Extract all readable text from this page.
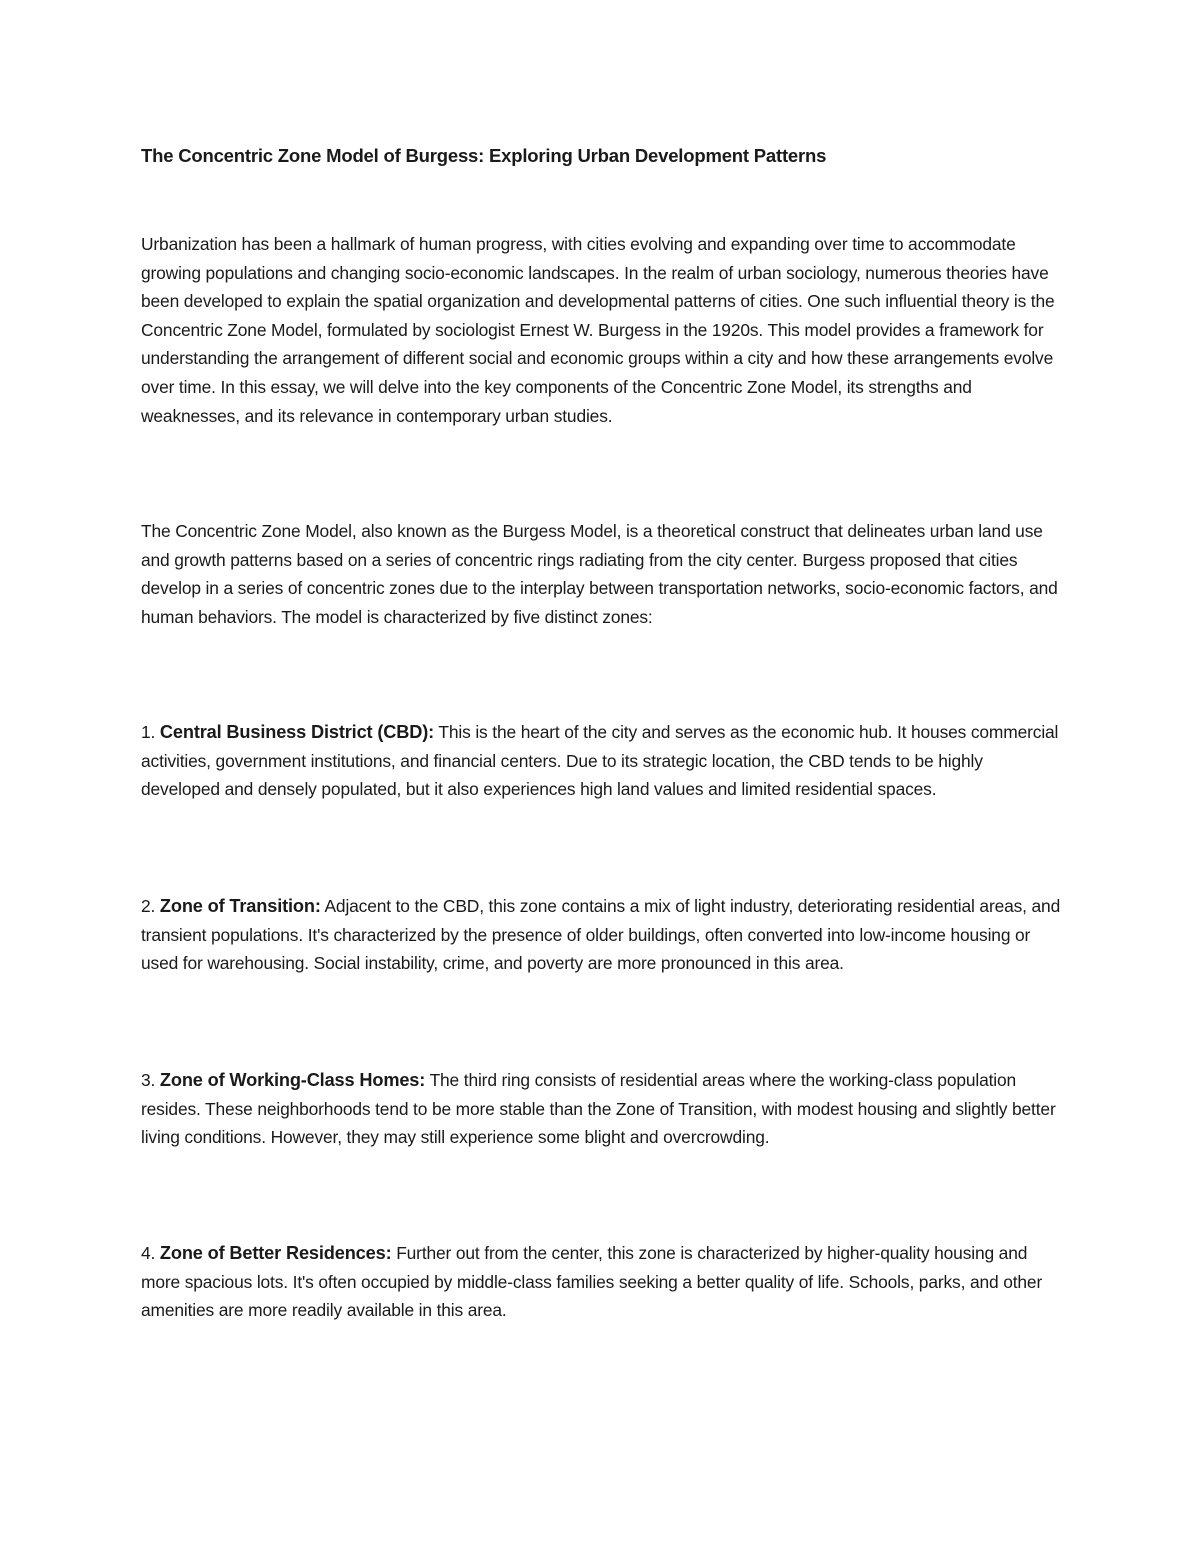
The Concentric Zone Model of Burgess: Exploring Urban Development Patterns

Urbanization has been a hallmark of human progress, with cities evolving and expanding over time to accommodate growing populations and changing socio-economic landscapes. In the realm of urban sociology, numerous theories have been developed to explain the spatial organization and developmental patterns of cities. One such influential theory is the Concentric Zone Model, formulated by sociologist Ernest W. Burgess in the 1920s. This model provides a framework for understanding the arrangement of different social and economic groups within a city and how these arrangements evolve over time. In this essay, we will delve into the key components of the Concentric Zone Model, its strengths and weaknesses, and its relevance in contemporary urban studies.

The Concentric Zone Model, also known as the Burgess Model, is a theoretical construct that delineates urban land use and growth patterns based on a series of concentric rings radiating from the city center. Burgess proposed that cities develop in a series of concentric zones due to the interplay between transportation networks, socio-economic factors, and human behaviors. The model is characterized by five distinct zones:

1. Central Business District (CBD): This is the heart of the city and serves as the economic hub. It houses commercial activities, government institutions, and financial centers. Due to its strategic location, the CBD tends to be highly developed and densely populated, but it also experiences high land values and limited residential spaces.

2. Zone of Transition: Adjacent to the CBD, this zone contains a mix of light industry, deteriorating residential areas, and transient populations. It's characterized by the presence of older buildings, often converted into low-income housing or used for warehousing. Social instability, crime, and poverty are more pronounced in this area.

3. Zone of Working-Class Homes: The third ring consists of residential areas where the working-class population resides. These neighborhoods tend to be more stable than the Zone of Transition, with modest housing and slightly better living conditions. However, they may still experience some blight and overcrowding.

4. Zone of Better Residences: Further out from the center, this zone is characterized by higher-quality housing and more spacious lots. It's often occupied by middle-class families seeking a better quality of life. Schools, parks, and other amenities are more readily available in this area.
